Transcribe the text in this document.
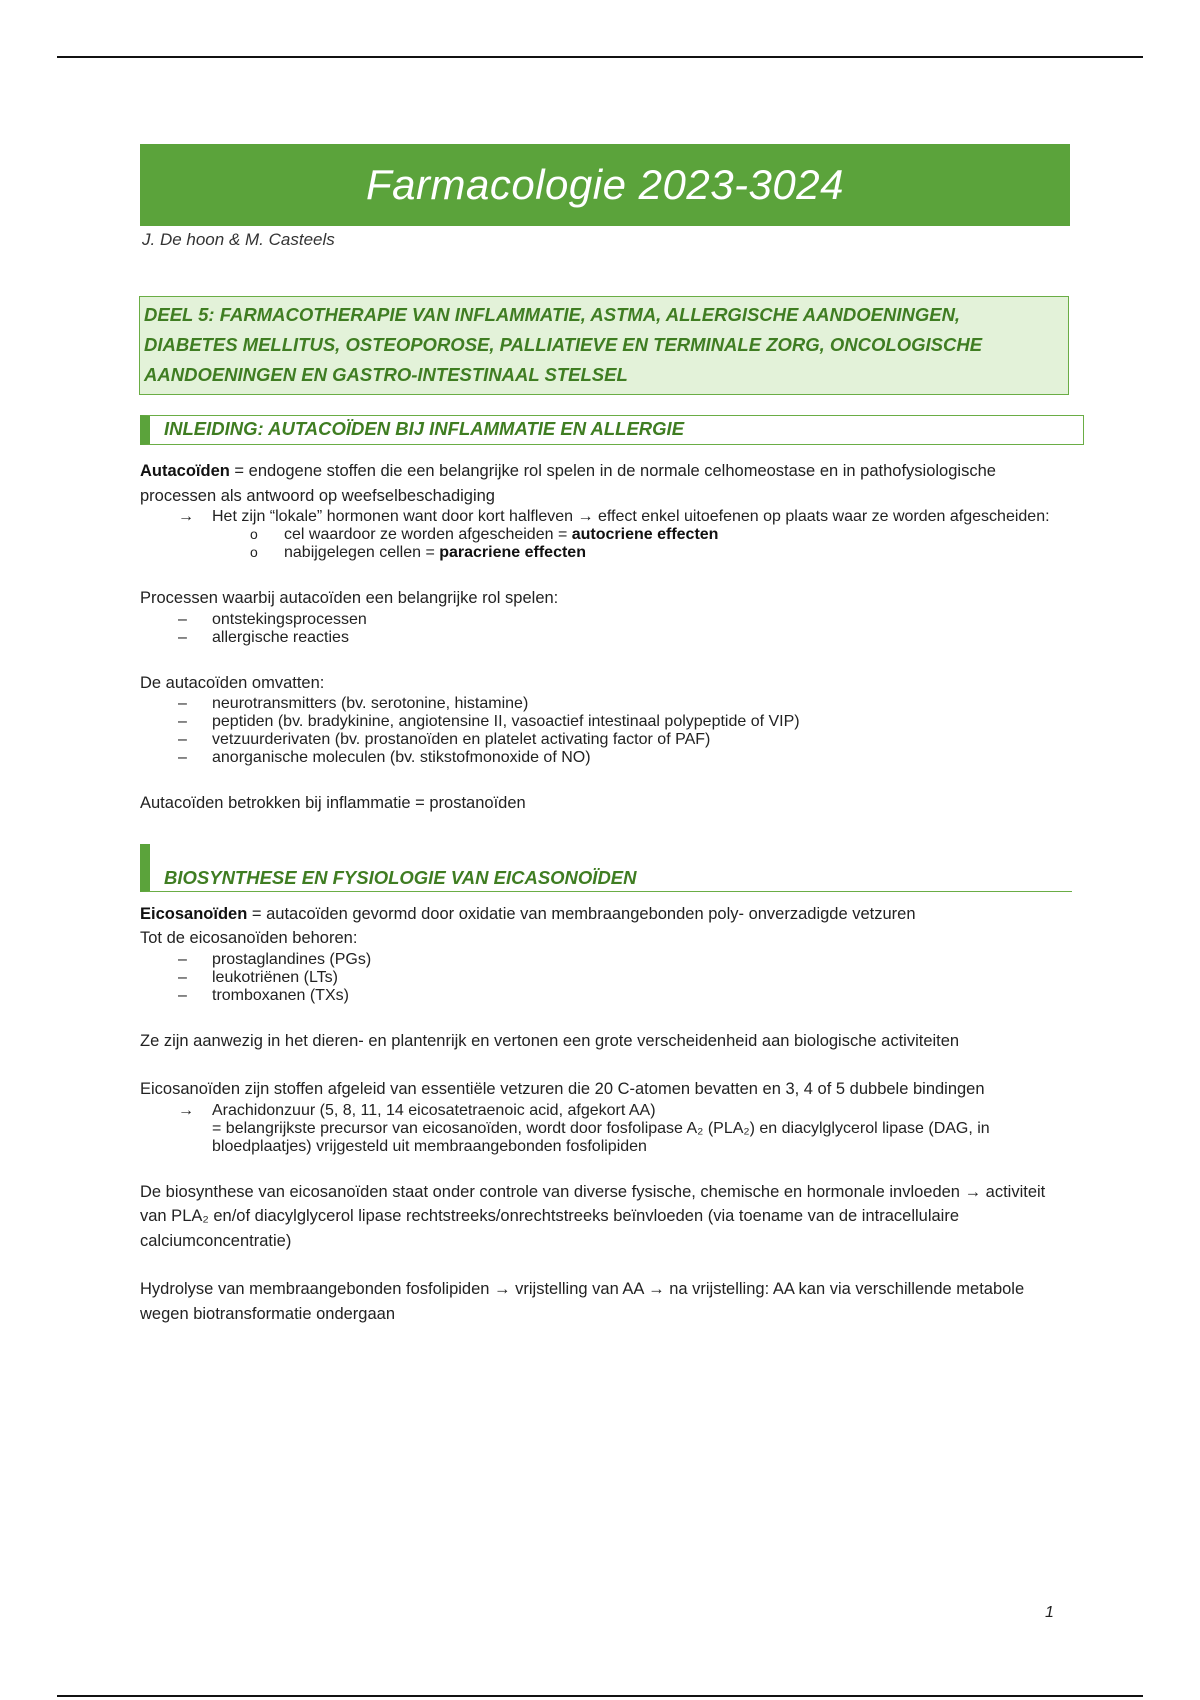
Farmacologie 2023-3024
J. De hoon & M. Casteels
DEEL 5: FARMACOTHERAPIE VAN INFLAMMATIE, ASTMA, ALLERGISCHE AANDOENINGEN,
DIABETES MELLITUS, OSTEOPOROSE, PALLIATIEVE EN TERMINALE ZORG, ONCOLOGISCHE
AANDOENINGEN EN GASTRO-INTESTINAAL STELSEL
INLEIDING: AUTACOÏDEN BIJ INFLAMMATIE EN ALLERGIE

Autacoïden = endogene stoffen die een belangrijke rol spelen in de normale celhomeostase en in pathofysiologische processen als antwoord op weefselbeschadiging

→	Het zijn “lokale” hormonen want door kort halfleven → effect enkel uitoefenen op plaats waar ze worden afgescheiden:
o	cel waardoor ze worden afgescheiden = autocriene effecten
o	nabijgelegen cellen = paracriene effecten

Processen waarbij autacoïden een belangrijke rol spelen:

–	ontstekingsprocessen
–	allergische reacties

De autacoïden omvatten:

–	neurotransmitters (bv. serotonine, histamine)
–	peptiden (bv. bradykinine, angiotensine II, vasoactief intestinaal polypeptide of VIP)
–	vetzuurderivaten (bv. prostanoïden en platelet activating factor of PAF)
–	anorganische moleculen (bv. stikstofmonoxide of NO)

Autacoïden betrokken bij inflammatie = prostanoïden

BIOSYNTHESE EN FYSIOLOGIE VAN EICASONOÏDEN

Eicosanoïden = autacoïden gevormd door oxidatie van membraangebonden poly- onverzadigde vetzuren

Tot de eicosanoïden behoren:

–	prostaglandines (PGs)
–	leukotriënen (LTs)
–	tromboxanen (TXs)

Ze zijn aanwezig in het dieren- en plantenrijk en vertonen een grote verscheidenheid aan biologische activiteiten

Eicosanoïden zijn stoffen afgeleid van essentiële vetzuren die 20 C-atomen bevatten en 3, 4 of 5 dubbele bindingen

→	Arachidonzuur (5, 8, 11, 14 eicosatetraenoic acid, afgekort AA)
= belangrijkste precursor van eicosanoïden, wordt door fosfolipase A₂ (PLA₂) en diacylglycerol lipase (DAG, in bloedplaatjes) vrijgesteld uit membraangebonden fosfolipiden

De biosynthese van eicosanoïden staat onder controle van diverse fysische, chemische en hormonale invloeden → activiteit van PLA₂ en/of diacylglycerol lipase rechtstreeks/onrechtstreeks beïnvloeden (via toename van de intracellulaire calciumconcentratie)

Hydrolyse van membraangebonden fosfolipiden → vrijstelling van AA → na vrijstelling: AA kan via verschillende metabole wegen biotransformatie ondergaan

1
